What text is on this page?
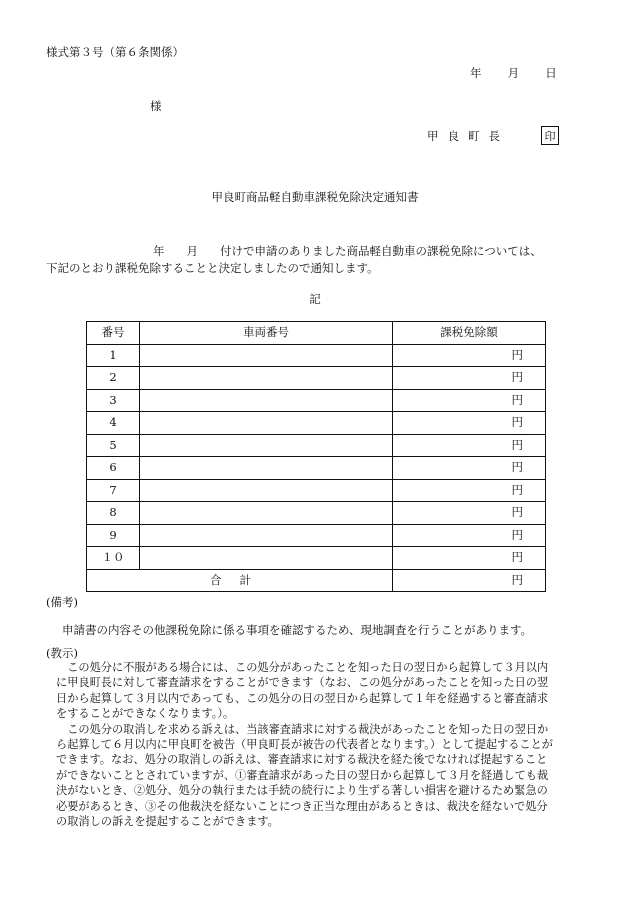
様式第３号（第６条関係）
年 月 日
様
甲良町長	印
甲良町商品軽自動車課税免除決定通知書
年 月 付けで申請のありました商品軽自動車の課税免除については、
下記のとおり課税免除することと決定しましたので通知します。
記
番号	車両番号	課税免除額
1		円
2		円
3		円
4		円
5		円
6		円
7		円
8		円
9		円
１０		円
合計		円
(備考)
申請書の内容その他課税免除に係る事項を確認するため、現地調査を行うことがあります。
(教示)

　この処分に不服がある場合には、この処分があったことを知った日の翌日から起算して３月以内
に甲良町長に対して審査請求をすることができます（なお、この処分があったことを知った日の翌
日から起算して３月以内であっても、この処分の日の翌日から起算して１年を経過すると審査請求
をすることができなくなります。）。

　この処分の取消しを求める訴えは、当該審査請求に対する裁決があったことを知った日の翌日か
ら起算して６月以内に甲良町を被告（甲良町長が被告の代表者となります。）として提起することが
できます。なお、処分の取消しの訴えは、審査請求に対する裁決を経た後でなければ提起すること
ができないこととされていますが、①審査請求があった日の翌日から起算して３月を経過しても裁
決がないとき、②処分、処分の執行または手続の続行により生ずる著しい損害を避けるため緊急の
必要があるとき、③その他裁決を経ないことにつき正当な理由があるときは、裁決を経ないで処分
の取消しの訴えを提起することができます。
